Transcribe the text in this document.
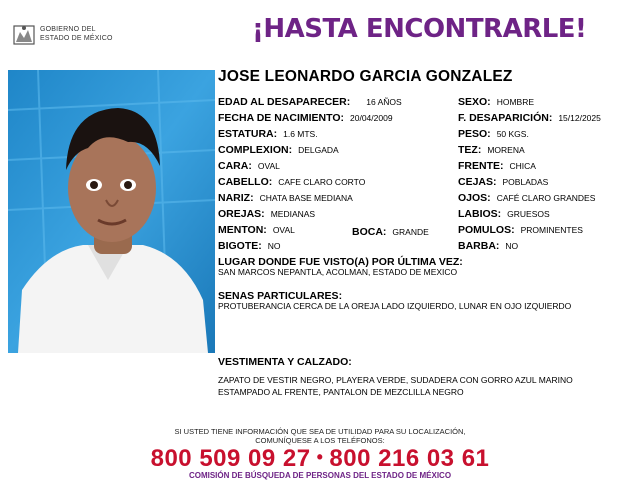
GOBIERNO DEL
ESTADO DE MÉXICO	¡HASTA ENCONTRARLE!
JOSE LEONARDO GARCIA GONZALEZ
EDAD AL DESAPARECER: 16 AÑOS
FECHA DE NACIMIENTO: 20/04/2009
ESTATURA: 1.6 MTS.
COMPLEXION: DELGADA
CARA: OVAL
CABELLO: CAFE CLARO CORTO
NARIZ: CHATA BASE MEDIANA
OREJAS: MEDIANAS
MENTON: OVAL
BIGOTE: NO
BOCA: GRANDE
SEXO: HOMBRE
F. DESAPARICIÓN: 15/12/2025
PESO: 50 KGS.
TEZ: MORENA
FRENTE: CHICA
CEJAS: POBLADAS
OJOS: CAFÉ CLARO GRANDES
LABIOS: GRUESOS
POMULOS: PROMINENTES
BARBA: NO
LUGAR DONDE FUE VISTO(A) POR ÚLTIMA VEZ:
SAN MARCOS NEPANTLA, ACOLMAN, ESTADO DE MEXICO
SENAS PARTICULARES:
PROTUBERANCIA CERCA DE LA OREJA LADO IZQUIERDO, LUNAR EN OJO IZQUIERDO
VESTIMENTA Y CALZADO:
ZAPATO DE VESTIR NEGRO, PLAYERA VERDE, SUDADERA CON GORRO AZUL MARINO
ESTAMPADO AL FRENTE, PANTALON DE MEZCLILLA NEGRO
SI USTED TIENE INFORMACIÓN QUE SEA DE UTILIDAD PARA SU LOCALIZACIÓN,
COMUNÍQUESE A LOS TELÉFONOS:
800 509 09 27 • 800 216 03 61
COMISIÓN DE BÚSQUEDA DE PERSONAS DEL ESTADO DE MÉXICO
